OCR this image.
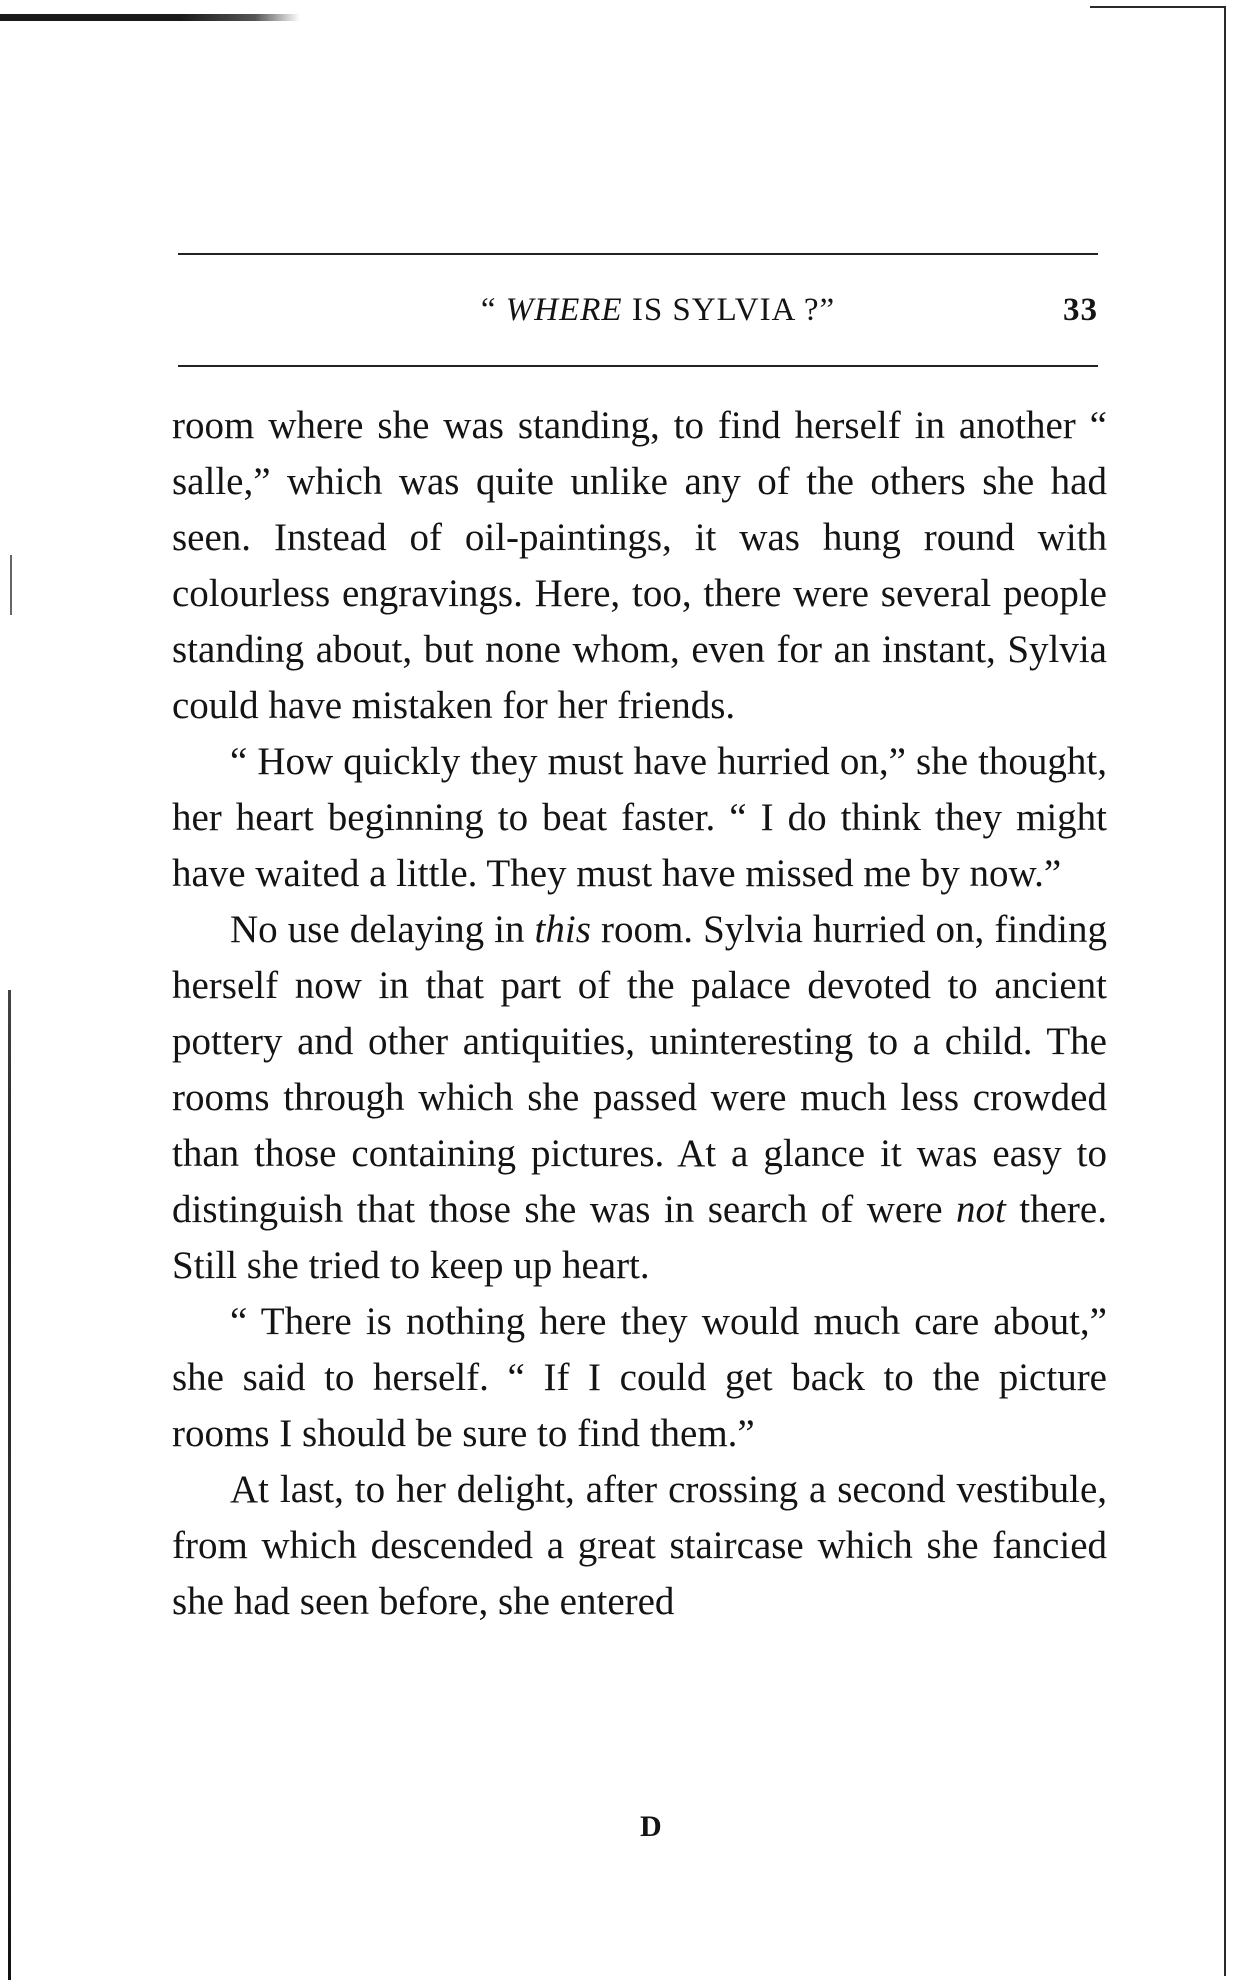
“ WHERE IS SYLVIA ?”	33

room where she was standing, to find herself in another “ salle,” which was quite unlike any of the others she had seen. Instead of oil-paintings, it was hung round with colourless engravings. Here, too, there were several people standing about, but none whom, even for an instant, Sylvia could have mistaken for her friends.

“ How quickly they must have hurried on,” she thought, her heart beginning to beat faster. “ I do think they might have waited a little. They must have missed me by now.”

No use delaying in this room. Sylvia hurried on, finding herself now in that part of the palace devoted to ancient pottery and other antiquities, uninteresting to a child. The rooms through which she passed were much less crowded than those containing pictures. At a glance it was easy to distinguish that those she was in search of were not there. Still she tried to keep up heart.

“ There is nothing here they would much care about,” she said to herself. “ If I could get back to the picture rooms I should be sure to find them.”

At last, to her delight, after crossing a second vestibule, from which descended a great staircase which she fancied she had seen before, she entered

D
